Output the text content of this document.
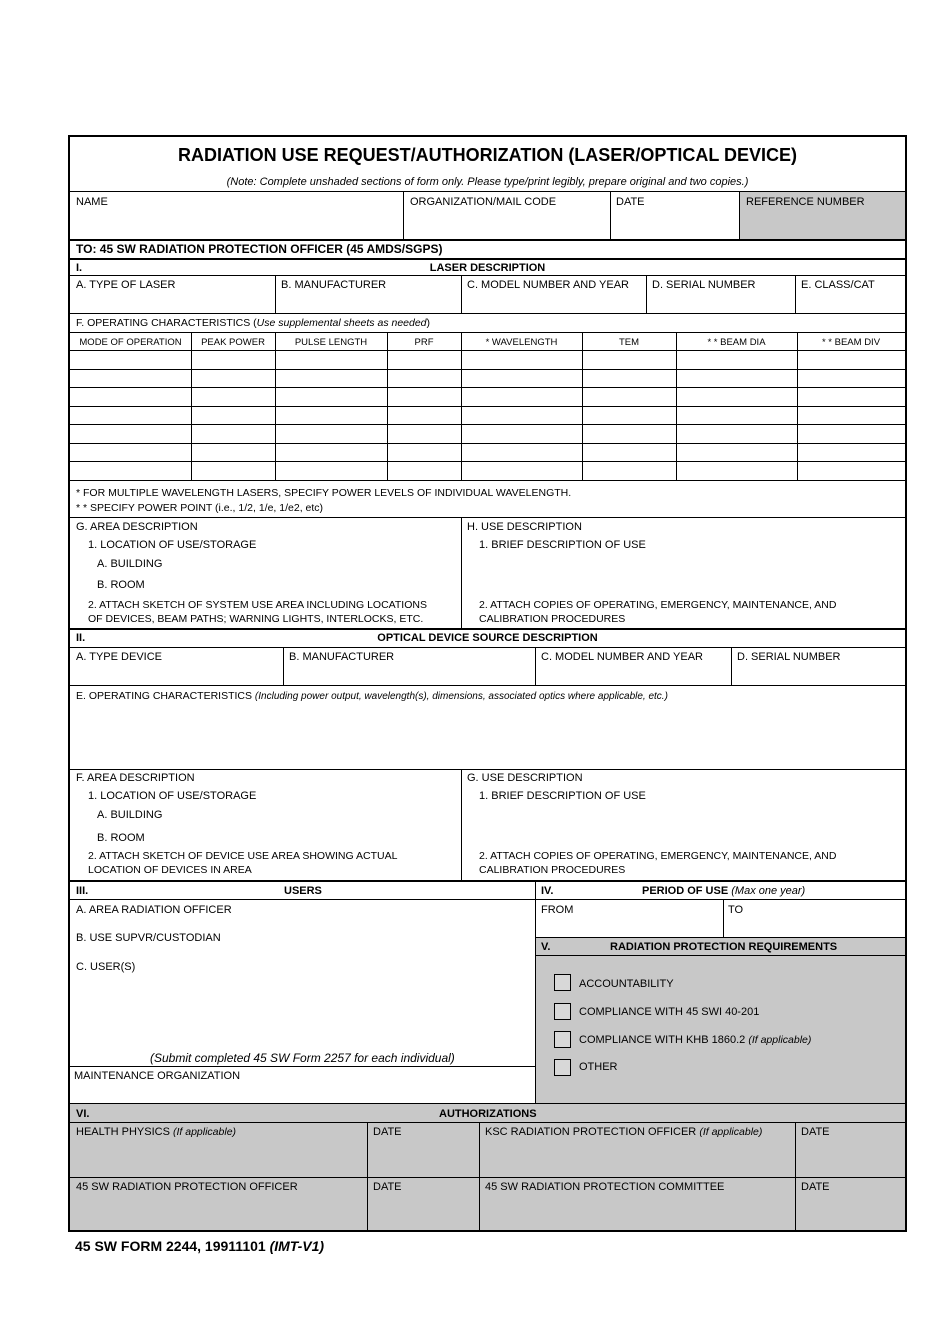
RADIATION USE REQUEST/AUTHORIZATION (LASER/OPTICAL DEVICE)
(Note: Complete unshaded sections of form only. Please type/print legibly, prepare original and two copies.)
NAME	ORGANIZATION/MAIL CODE	DATE	REFERENCE NUMBER
TO: 45 SW RADIATION PROTECTION OFFICER (45 AMDS/SGPS)
I.	LASER DESCRIPTION
A. TYPE OF LASER	B. MANUFACTURER	C. MODEL NUMBER AND YEAR D. SERIAL NUMBER	E. CLASS/CAT
F. OPERATING CHARACTERISTICS (Use supplemental sheets as needed)
MODE OF OPERATION	PEAK POWER	PULSE LENGTH	PRF	* WAVELENGTH	TEM	* * BEAM DIA	* * BEAM DIV
* FOR MULTIPLE WAVELENGTH LASERS, SPECIFY POWER LEVELS OF INDIVIDUAL WAVELENGTH.
* * SPECIFY POWER POINT (i.e., 1/2, 1/e, 1/e2, etc)
G. AREA DESCRIPTION
1. LOCATION OF USE/STORAGE
A. BUILDING
B. ROOM
2. ATTACH SKETCH OF SYSTEM USE AREA INCLUDING LOCATIONS
OF DEVICES, BEAM PATHS; WARNING LIGHTS, INTERLOCKS, ETC.
H. USE DESCRIPTION
1. BRIEF DESCRIPTION OF USE
2. ATTACH COPIES OF OPERATING, EMERGENCY, MAINTENANCE, AND
CALIBRATION PROCEDURES
II.	OPTICAL DEVICE SOURCE DESCRIPTION
A. TYPE DEVICE	B. MANUFACTURER	C. MODEL NUMBER AND YEAR	D. SERIAL NUMBER
E. OPERATING CHARACTERISTICS (Including power output, wavelength(s), dimensions, associated optics where applicable, etc.)
F. AREA DESCRIPTION
1. LOCATION OF USE/STORAGE
A. BUILDING
B. ROOM
2. ATTACH SKETCH OF DEVICE USE AREA SHOWING ACTUAL
LOCATION OF DEVICES IN AREA
G. USE DESCRIPTION
1. BRIEF DESCRIPTION OF USE
2. ATTACH COPIES OF OPERATING, EMERGENCY, MAINTENANCE, AND
CALIBRATION PROCEDURES
III.	USERS	IV.	PERIOD OF USE (Max one year)
A. AREA RADIATION OFFICER
B. USE SUPVR/CUSTODIAN
C. USER(S)
(Submit completed 45 SW Form 2257 for each individual)
MAINTENANCE ORGANIZATION
FROM	TO
V.	RADIATION PROTECTION REQUIREMENTS
ACCOUNTABILITY
COMPLIANCE WITH 45 SWI 40-201
COMPLIANCE WITH KHB 1860.2 (If applicable)
OTHER
VI.	AUTHORIZATIONS
HEALTH PHYSICS (If applicable)	DATE	KSC RADIATION PROTECTION OFFICER (If applicable)	DATE
45 SW RADIATION PROTECTION OFFICER	DATE	45 SW RADIATION PROTECTION COMMITTEE	DATE
45 SW FORM 2244, 19911101 (IMT-V1)
